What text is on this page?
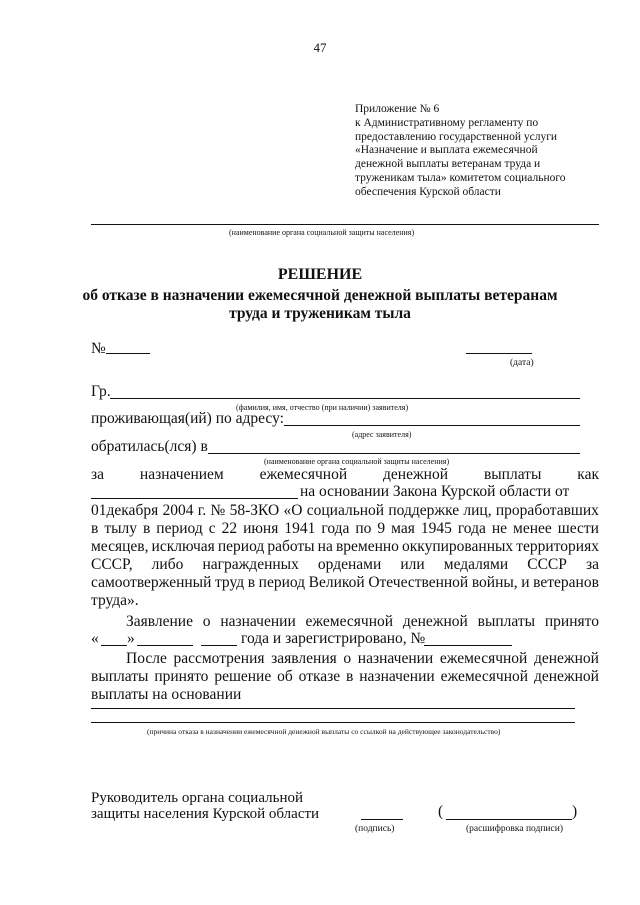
47
Приложение № 6
к Административному регламенту по
предоставлению государственной услуги
«Назначение и выплата ежемесячной
денежной выплаты ветеранам труда и
труженикам тыла» комитетом социального
обеспечения Курской области
(наименование органа социальной защиты населения)
РЕШЕНИЕ
об отказе в назначении ежемесячной денежной выплаты ветеранам
труда и труженикам тыла
№
(дата)
Гр.
(фамилия, имя, отчество (при наличии) заявителя)
проживающая(ий) по адресу:
(адрес заявителя)
обратилась(лся) в
(наименование органа социальной защиты населения)
за назначением ежемесячной денежной выплаты как
на основании Закона Курской области от
01декабря 2004 г. № 58-ЗКО «О социальной поддержке лиц, проработавших
в тылу в период с 22 июня 1941 года по 9 мая 1945 года не менее шести
месяцев, исключая период работы на временно оккупированных территориях
СССР, либо награжденных орденами или медалями СССР за
самоотверженный труд в период Великой Отечественной войны, и ветеранов
труда».
Заявление о назначении ежемесячной денежной выплаты принято
« »	года и зарегистрировано, №
После рассмотрения заявления о назначении ежемесячной денежной
выплаты принято решение об отказе в назначении ежемесячной денежной
выплаты на основании
(причина отказа в назначении ежемесячной денежной выплаты со ссылкой на действующее законодательство)
Руководитель органа социальной
защиты населения Курской области
(подпись)
(	)
(расшифровка подписи)
